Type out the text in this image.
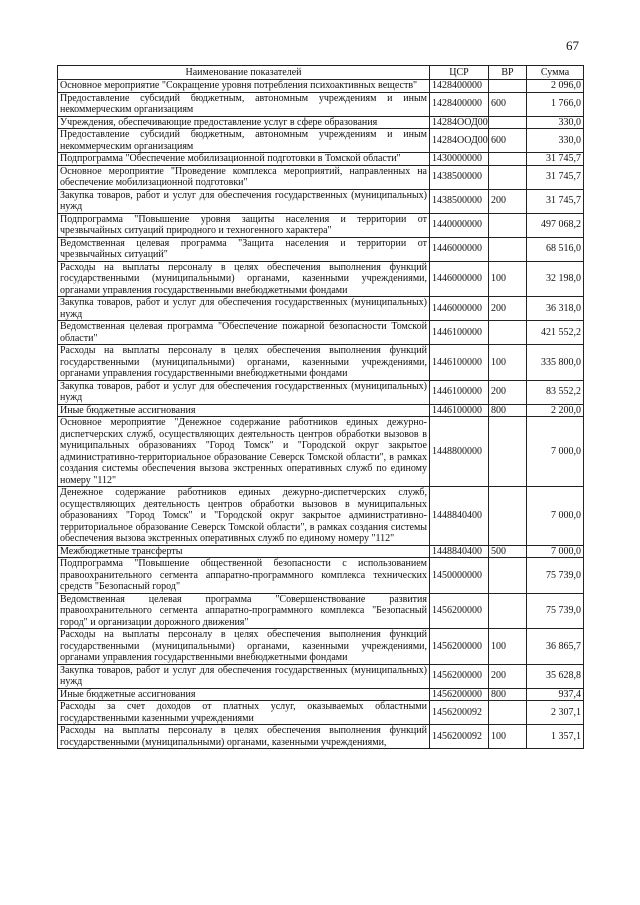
67
Наименование показателей	ЦСР	ВР	Сумма
Основное мероприятие "Сокращение уровня потребления психоактивных веществ"	1428400000		2 096,0
Предоставление субсидий бюджетным, автономным учреждениям и иным некоммерческим организациям	1428400000	600	1 766,0
Учреждения, обеспечивающие предоставление услуг в сфере образования	14284ООД00		330,0
Предоставление субсидий бюджетным, автономным учреждениям и иным некоммерческим организациям	14284ООД00	600	330,0
Подпрограмма "Обеспечение мобилизационной подготовки в Томской области"	1430000000		31 745,7
Основное мероприятие "Проведение комплекса мероприятий, направленных на обеспечение мобилизационной подготовки"	1438500000		31 745,7
Закупка товаров, работ и услуг для обеспечения государственных (муниципальных) нужд	1438500000	200	31 745,7
Подпрограмма "Повышение уровня защиты населения и территории от чрезвычайных ситуаций природного и техногенного характера"	1440000000		497 068,2
Ведомственная целевая программа "Защита населения и территории от чрезвычайных ситуаций"	1446000000		68 516,0
Расходы на выплаты персоналу в целях обеспечения выполнения функций государственными (муниципальными) органами, казенными учреждениями, органами управления государственными внебюджетными фондами	1446000000	100	32 198,0
Закупка товаров, работ и услуг для обеспечения государственных (муниципальных) нужд	1446000000	200	36 318,0
Ведомственная целевая программа "Обеспечение пожарной безопасности Томской области"	1446100000		421 552,2
Расходы на выплаты персоналу в целях обеспечения выполнения функций государственными (муниципальными) органами, казенными учреждениями, органами управления государственными внебюджетными фондами	1446100000	100	335 800,0
Закупка товаров, работ и услуг для обеспечения государственных (муниципальных) нужд	1446100000	200	83 552,2
Иные бюджетные ассигнования	1446100000	800	2 200,0
Основное мероприятие "Денежное содержание работников единых дежурно-диспетчерских служб, осуществляющих деятельность центров обработки вызовов в муниципальных образованиях "Город Томск" и "Городской округ закрытое административно-территориальное образование Северск Томской области", в рамках создания системы обеспечения вызова экстренных оперативных служб по единому номеру "112"	1448800000		7 000,0
Денежное содержание работников единых дежурно-диспетчерских служб, осуществляющих деятельность центров обработки вызовов в муниципальных образованиях "Город Томск" и "Городской округ закрытое административно-территориальное образование Северск Томской области", в рамках создания системы обеспечения вызова экстренных оперативных служб по единому номеру "112"	1448840400		7 000,0
Межбюджетные трансферты	1448840400	500	7 000,0
Подпрограмма "Повышение общественной безопасности с использованием правоохранительного сегмента аппаратно-программного комплекса технических средств "Безопасный город"	1450000000		75 739,0
Ведомственная целевая программа "Совершенствование развития правоохранительного сегмента аппаратно-программного комплекса "Безопасный город" и организации дорожного движения"	1456200000		75 739,0
Расходы на выплаты персоналу в целях обеспечения выполнения функций государственными (муниципальными) органами, казенными учреждениями, органами управления государственными внебюджетными фондами	1456200000	100	36 865,7
Закупка товаров, работ и услуг для обеспечения государственных (муниципальных) нужд	1456200000	200	35 628,8
Иные бюджетные ассигнования	1456200000	800	937,4
Расходы за счет доходов от платных услуг, оказываемых областными государственными казенными учреждениями	1456200092		2 307,1
Расходы на выплаты персоналу в целях обеспечения выполнения функций государственными (муниципальными) органами, казенными учреждениями,	1456200092	100	1 357,1
